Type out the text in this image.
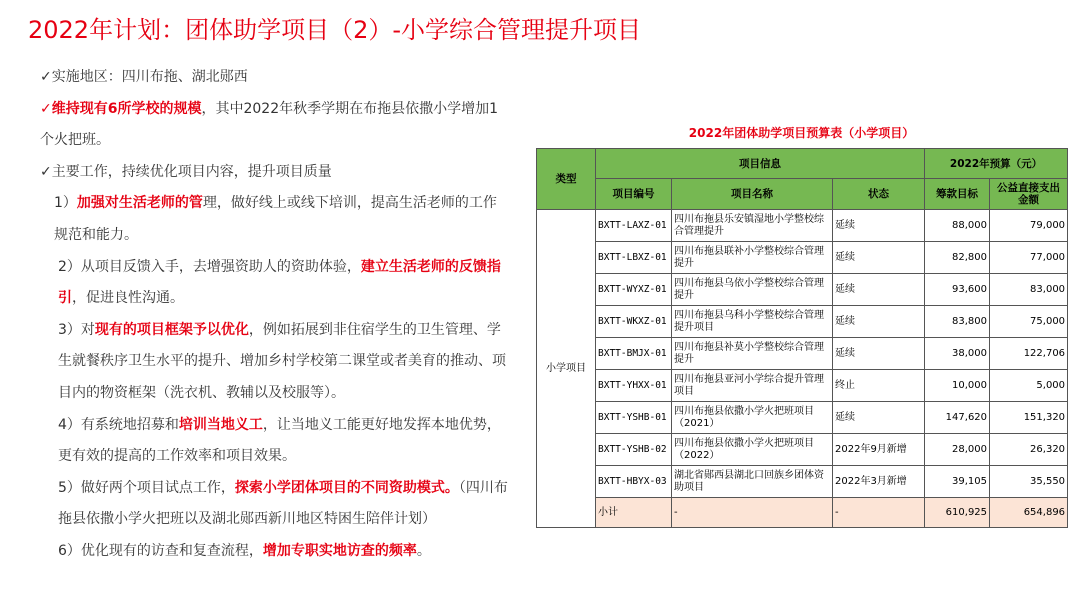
2022年计划：团体助学项目（2）-小学综合管理提升项目

✓实施地区：四川布拖、湖北郧西

✓维持现有6所学校的规模，其中2022年秋季学期在布拖县依撒小学增加1个火把班。

✓主要工作，持续优化项目内容，提升项目质量

1）加强对生活老师的管理，做好线上或线下培训，提高生活老师的工作规范和能力。

2）从项目反馈入手，去增强资助人的资助体验，建立生活老师的反馈指引，促进良性沟通。

3）对现有的项目框架予以优化，例如拓展到非住宿学生的卫生管理、学生就餐秩序卫生水平的提升、增加乡村学校第二课堂或者美育的推动、项目内的物资框架（洗衣机、教辅以及校服等）。

4）有系统地招募和培训当地义工，让当地义工能更好地发挥本地优势，更有效的提高的工作效率和项目效果。

5）做好两个项目试点工作，探索小学团体项目的不同资助模式。（四川布拖县依撒小学火把班以及湖北郧西新川地区特困生陪伴计划）

6）优化现有的访查和复查流程，增加专职实地访查的频率。

2022年团体助学项目预算表（小学项目）
类型	项目信息			2022年预算（元）	
	项目编号	项目名称	状态	筹款目标	公益直接支出金额
小学项目	BXTT-LAXZ-01	四川布拖县乐安镇湿地小学整校综合管理提升	延续	88,000	79,000
	BXTT-LBXZ-01	四川布拖县联补小学整校综合管理提升	延续	82,800	77,000
	BXTT-WYXZ-01	四川布拖县乌依小学整校综合管理提升	延续	93,600	83,000
	BXTT-WKXZ-01	四川布拖县乌科小学整校综合管理提升项目	延续	83,800	75,000
	BXTT-BMJX-01	四川布拖县补莫小学整校综合管理提升	延续	38,000	122,706
	BXTT-YHXX-01	四川布拖县亚河小学综合提升管理项目	终止	10,000	5,000
	BXTT-YSHB-01	四川布拖县依撒小学火把班项目（2021）	延续	147,620	151,320
	BXTT-YSHB-02	四川布拖县依撒小学火把班项目（2022）	2022年9月新增	28,000	26,320
	BXTT-HBYX-03	湖北省郧西县湖北口回族乡团体资助项目	2022年3月新增	39,105	35,550
	小计	-	-	610,925	654,896
